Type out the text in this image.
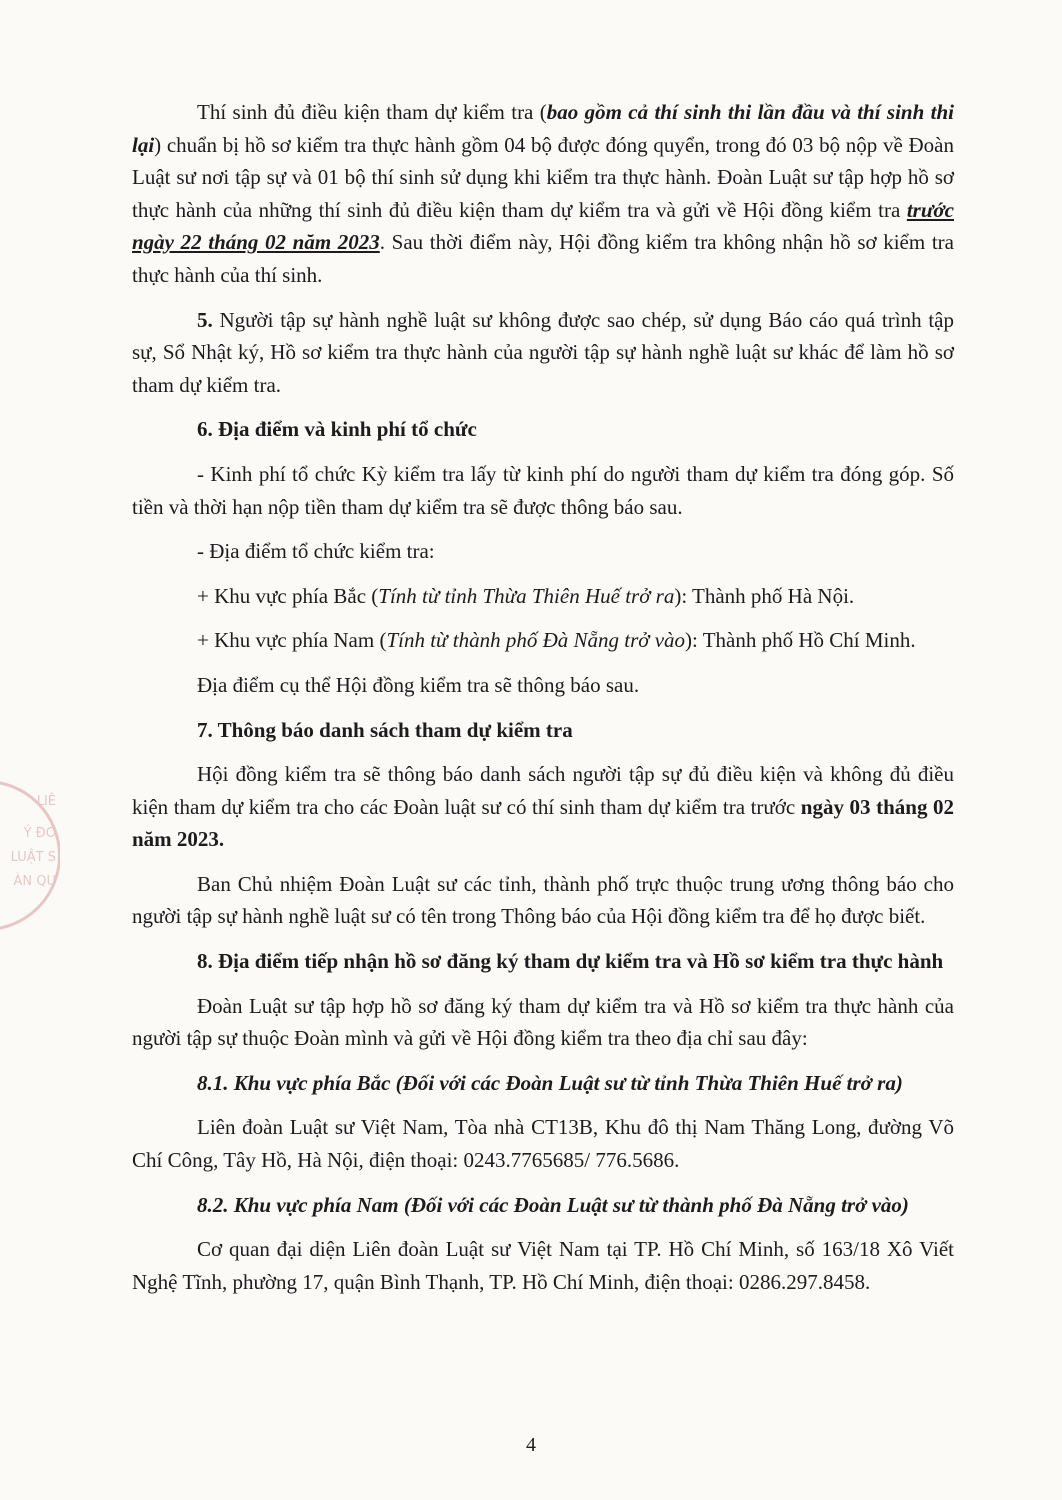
LIÊ
Ý ĐO
LUẬT S
ÀN QU

Thí sinh đủ điều kiện tham dự kiểm tra (bao gồm cả thí sinh thi lần đầu và thí sinh thi lại) chuẩn bị hồ sơ kiểm tra thực hành gồm 04 bộ được đóng quyển, trong đó 03 bộ nộp về Đoàn Luật sư nơi tập sự và 01 bộ thí sinh sử dụng khi kiểm tra thực hành. Đoàn Luật sư tập hợp hồ sơ thực hành của những thí sinh đủ điều kiện tham dự kiểm tra và gửi về Hội đồng kiểm tra trước ngày 22 tháng 02 năm 2023. Sau thời điểm này, Hội đồng kiểm tra không nhận hồ sơ kiểm tra thực hành của thí sinh.

5. Người tập sự hành nghề luật sư không được sao chép, sử dụng Báo cáo quá trình tập sự, Sổ Nhật ký, Hồ sơ kiểm tra thực hành của người tập sự hành nghề luật sư khác để làm hồ sơ tham dự kiểm tra.

6. Địa điểm và kinh phí tổ chức

- Kinh phí tổ chức Kỳ kiểm tra lấy từ kinh phí do người tham dự kiểm tra đóng góp. Số tiền và thời hạn nộp tiền tham dự kiểm tra sẽ được thông báo sau.

- Địa điểm tổ chức kiểm tra:

+ Khu vực phía Bắc (Tính từ tỉnh Thừa Thiên Huế trở ra): Thành phố Hà Nội.

+ Khu vực phía Nam (Tính từ thành phố Đà Nẵng trở vào): Thành phố Hồ Chí Minh.

Địa điểm cụ thể Hội đồng kiểm tra sẽ thông báo sau.

7. Thông báo danh sách tham dự kiểm tra

Hội đồng kiểm tra sẽ thông báo danh sách người tập sự đủ điều kiện và không đủ điều kiện tham dự kiểm tra cho các Đoàn luật sư có thí sinh tham dự kiểm tra trước ngày 03 tháng 02 năm 2023.

Ban Chủ nhiệm Đoàn Luật sư các tỉnh, thành phố trực thuộc trung ương thông báo cho người tập sự hành nghề luật sư có tên trong Thông báo của Hội đồng kiểm tra để họ được biết.

8. Địa điểm tiếp nhận hồ sơ đăng ký tham dự kiểm tra và Hồ sơ kiểm tra thực hành

Đoàn Luật sư tập hợp hồ sơ đăng ký tham dự kiểm tra và Hồ sơ kiểm tra thực hành của người tập sự thuộc Đoàn mình và gửi về Hội đồng kiểm tra theo địa chỉ sau đây:

8.1. Khu vực phía Bắc (Đối với các Đoàn Luật sư từ tỉnh Thừa Thiên Huế trở ra)

Liên đoàn Luật sư Việt Nam, Tòa nhà CT13B, Khu đô thị Nam Thăng Long, đường Võ Chí Công, Tây Hồ, Hà Nội, điện thoại: 0243.7765685/ 776.5686.

8.2. Khu vực phía Nam (Đối với các Đoàn Luật sư từ thành phố Đà Nẵng trở vào)

Cơ quan đại diện Liên đoàn Luật sư Việt Nam tại TP. Hồ Chí Minh, số 163/18 Xô Viết Nghệ Tĩnh, phường 17, quận Bình Thạnh, TP. Hồ Chí Minh, điện thoại: 0286.297.8458.

4
